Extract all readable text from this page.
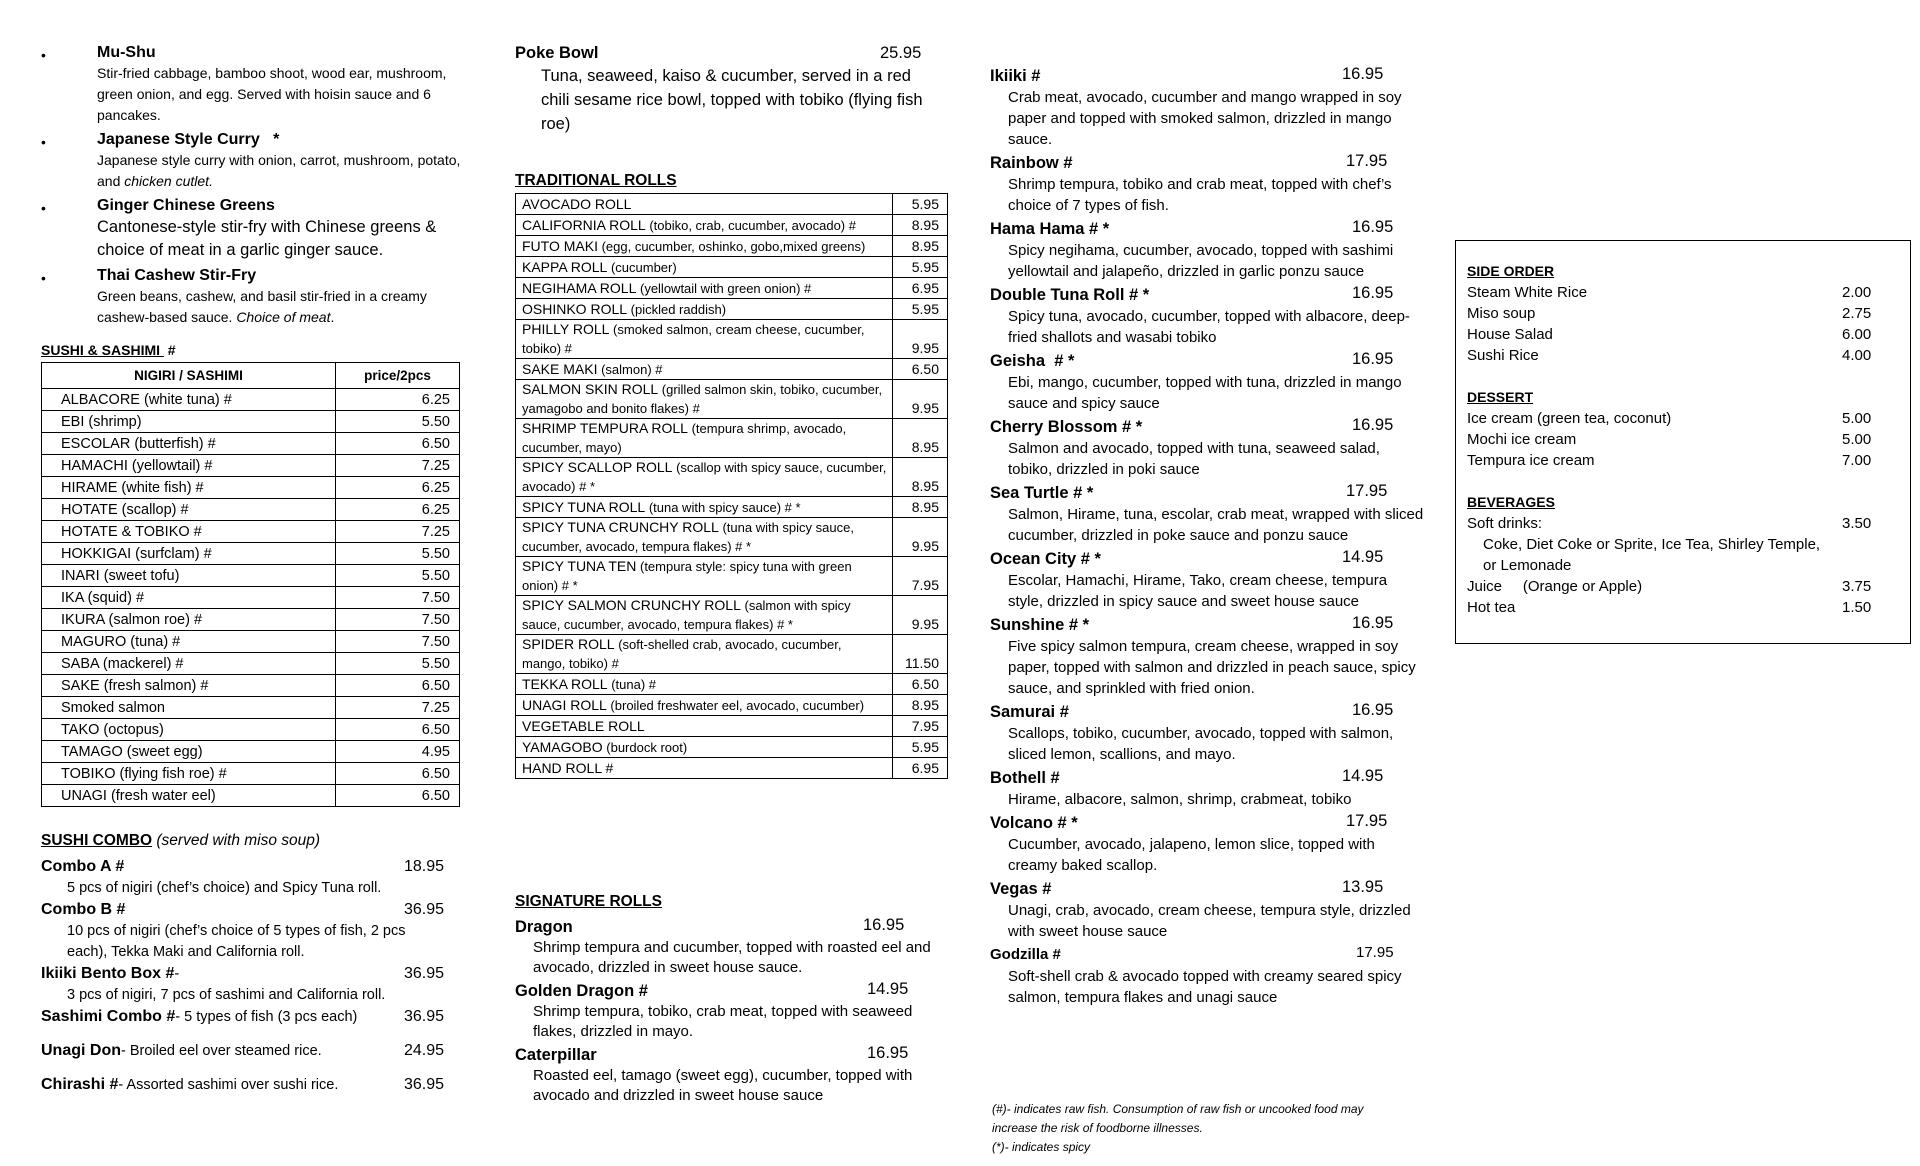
•	Mu-Shu
Stir-fried cabbage, bamboo shoot, wood ear, mushroom, green onion, and egg. Served with hoisin sauce and 6 pancakes.
•	Japanese Style Curry   *
Japanese style curry with onion, carrot, mushroom, potato, and chicken cutlet.
•	Ginger Chinese Greens
Cantonese-style stir-fry with Chinese greens & choice of meat in a garlic ginger sauce.
•	Thai Cashew Stir-Fry
Green beans, cashew, and basil stir-fried in a creamy cashew-based sauce. Choice of meat.
SUSHI & SASHIMI  #
NIGIRI / SASHIMI	price/2pcs
ALBACORE (white tuna) #	6.25
EBI (shrimp)	5.50
ESCOLAR (butterfish) #	6.50
HAMACHI (yellowtail) #	7.25
HIRAME (white fish) #	6.25
HOTATE (scallop) #	6.25
HOTATE & TOBIKO #	7.25
HOKKIGAI (surfclam) #	5.50
INARI (sweet tofu)	5.50
IKA (squid) #	7.50
IKURA (salmon roe) #	7.50
MAGURO (tuna) #	7.50
SABA (mackerel) #	5.50
SAKE (fresh salmon) #	6.50
Smoked salmon	7.25
TAKO (octopus)	6.50
TAMAGO (sweet egg)	4.95
TOBIKO (flying fish roe) #	6.50
UNAGI (fresh water eel)	6.50
SUSHI COMBO (served with miso soup)
Combo A #	18.95
5 pcs of nigiri (chef’s choice) and Spicy Tuna roll.
Combo B #	36.95
10 pcs of nigiri (chef’s choice of 5 types of fish, 2 pcs each), Tekka Maki and California roll.
Ikiiki Bento Box #-	36.95
3 pcs of nigiri, 7 pcs of sashimi and California roll.
Sashimi Combo #- 5 types of fish (3 pcs each)	36.95
Unagi Don- Broiled eel over steamed rice.	24.95
Chirashi #- Assorted sashimi over sushi rice.	36.95
Poke Bowl	25.95
Tuna, seaweed, kaiso & cucumber, served in a red chili sesame rice bowl, topped with tobiko (flying fish roe)
TRADITIONAL ROLLS
AVOCADO ROLL	5.95
CALIFORNIA ROLL (tobiko, crab, cucumber, avocado) #	8.95
FUTO MAKI (egg, cucumber, oshinko, gobo,mixed greens)	8.95
KAPPA ROLL (cucumber)	5.95
NEGIHAMA ROLL (yellowtail with green onion) #	6.95
OSHINKO ROLL (pickled raddish)	5.95
PHILLY ROLL (smoked salmon, cream cheese, cucumber, tobiko) #	9.95
SAKE MAKI (salmon) #	6.50
SALMON SKIN ROLL (grilled salmon skin, tobiko, cucumber, yamagobo and bonito flakes) #	9.95
SHRIMP TEMPURA ROLL (tempura shrimp, avocado, cucumber, mayo)	8.95
SPICY SCALLOP ROLL (scallop with spicy sauce, cucumber, avocado) # *	8.95
SPICY TUNA ROLL (tuna with spicy sauce) # *	8.95
SPICY TUNA CRUNCHY ROLL (tuna with spicy sauce, cucumber, avocado, tempura flakes) # *	9.95
SPICY TUNA TEN (tempura style: spicy tuna with green onion) # *	7.95
SPICY SALMON CRUNCHY ROLL (salmon with spicy sauce, cucumber, avocado, tempura flakes) # *	9.95
SPIDER ROLL (soft-shelled crab, avocado, cucumber, mango, tobiko) #	11.50
TEKKA ROLL (tuna) #	6.50
UNAGI ROLL (broiled freshwater eel, avocado, cucumber)	8.95
VEGETABLE ROLL	7.95
YAMAGOBO (burdock root)	5.95
HAND ROLL #	6.95
SIGNATURE ROLLS
Dragon	16.95
Shrimp tempura and cucumber, topped with roasted eel and avocado, drizzled in sweet house sauce.
Golden Dragon #	14.95
Shrimp tempura, tobiko, crab meat, topped with seaweed flakes, drizzled in mayo.
Caterpillar	16.95
Roasted eel, tamago (sweet egg), cucumber, topped with avocado and drizzled in sweet house sauce
Ikiiki #	16.95
Crab meat, avocado, cucumber and mango wrapped in soy paper and topped with smoked salmon, drizzled in mango sauce.
Rainbow #	17.95
Shrimp tempura, tobiko and crab meat, topped with chef’s choice of 7 types of fish.
Hama Hama # *	16.95
Spicy negihama, cucumber, avocado, topped with sashimi yellowtail and jalapeño, drizzled in garlic ponzu sauce
Double Tuna Roll # *	16.95
Spicy tuna, avocado, cucumber, topped with albacore, deep-fried shallots and wasabi tobiko
Geisha  # *	16.95
Ebi, mango, cucumber, topped with tuna, drizzled in mango sauce and spicy sauce
Cherry Blossom # *	16.95
Salmon and avocado, topped with tuna, seaweed salad, tobiko, drizzled in poki sauce
Sea Turtle # *	17.95
Salmon, Hirame, tuna, escolar, crab meat, wrapped with sliced cucumber, drizzled in poke sauce and ponzu sauce
Ocean City # *	14.95
Escolar, Hamachi, Hirame, Tako, cream cheese, tempura style, drizzled in spicy sauce and sweet house sauce
Sunshine # *	16.95
Five spicy salmon tempura, cream cheese, wrapped in soy paper, topped with salmon and drizzled in peach sauce, spicy sauce, and sprinkled with fried onion.
Samurai #	16.95
Scallops, tobiko, cucumber, avocado, topped with salmon, sliced lemon, scallions, and mayo.
Bothell #	14.95
Hirame, albacore, salmon, shrimp, crabmeat, tobiko
Volcano # *	17.95
Cucumber, avocado, jalapeno, lemon slice, topped with creamy baked scallop.
Vegas #	13.95
Unagi, crab, avocado, cream cheese, tempura style, drizzled with sweet house sauce
Godzilla #	17.95
Soft-shell crab & avocado topped with creamy seared spicy salmon, tempura flakes and unagi sauce
(#)- indicates raw fish. Consumption of raw fish or uncooked food may
increase the risk of foodborne illnesses.
(*)- indicates spicy
SIDE ORDER
Steam White Rice	2.00
Miso soup	2.75
House Salad	6.00
Sushi Rice	4.00
DESSERT
Ice cream (green tea, coconut)	5.00
Mochi ice cream	5.00
Tempura ice cream	7.00
BEVERAGES
Soft drinks:	3.50
Coke, Diet Coke or Sprite, Ice Tea, Shirley Temple,
or Lemonade
Juice     (Orange or Apple)	3.75
Hot tea	1.50
